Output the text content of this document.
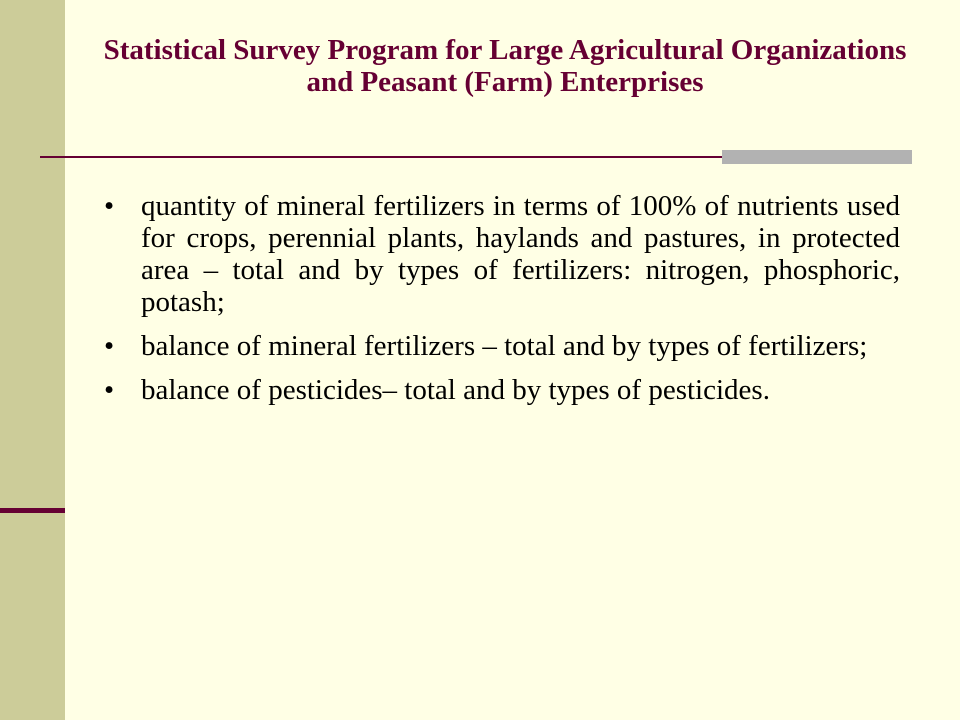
Statistical Survey Program for Large Agricultural Organizations and Peasant (Farm) Enterprises
• quantity of mineral fertilizers in terms of 100% of nutrients used for crops, perennial plants, haylands and pastures, in protected area – total and by types of fertilizers: nitrogen, phosphoric, potash;
• balance of mineral fertilizers – total and by types of fertilizers;
• balance of pesticides– total and by types of pesticides.
